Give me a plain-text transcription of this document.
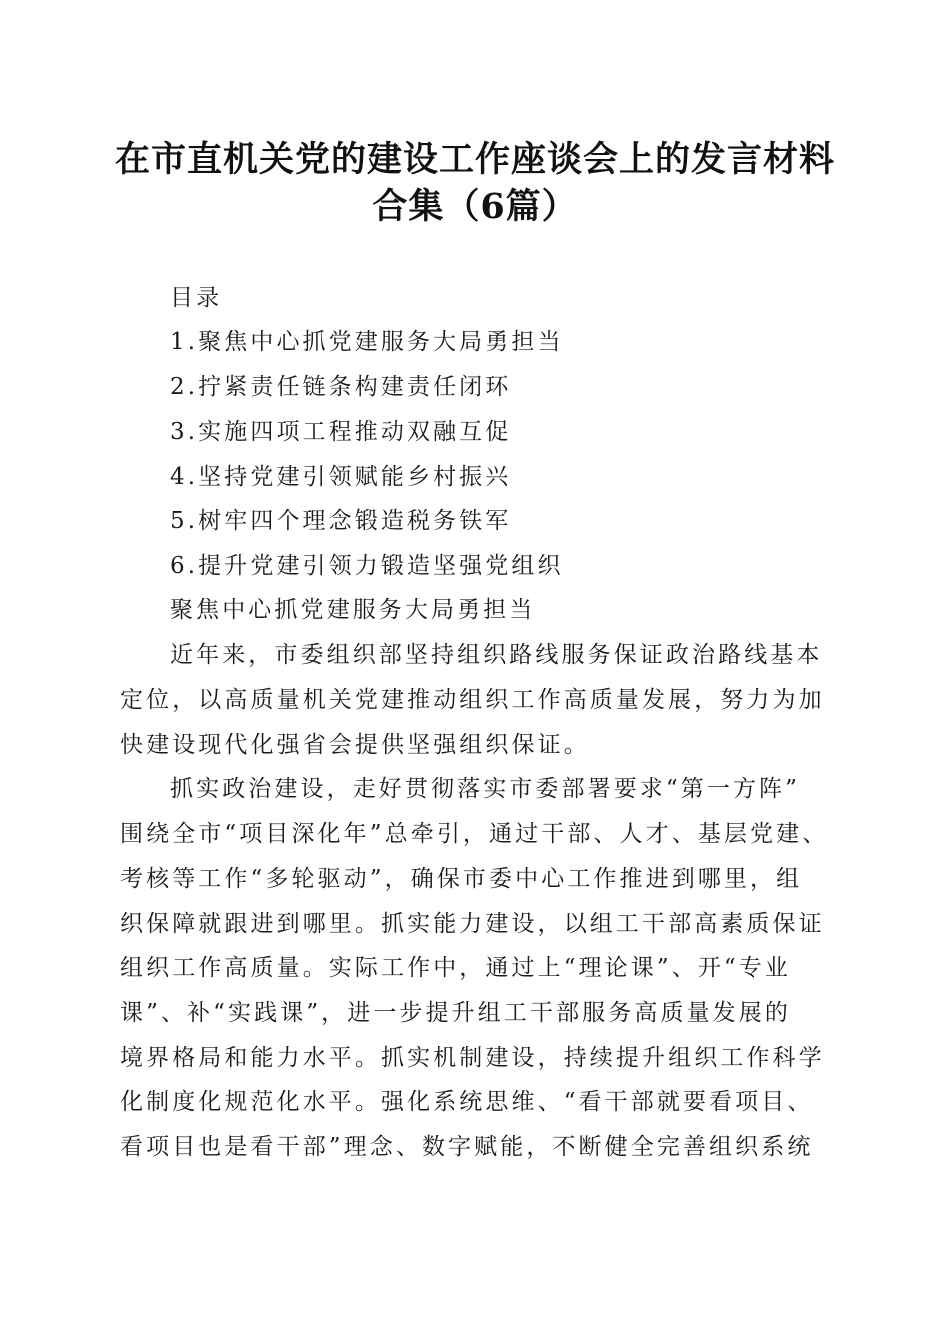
在市直机关党的建设工作座谈会上的发言材料
合集（6篇）
目录
1.聚焦中心抓党建服务大局勇担当
2.拧紧责任链条构建责任闭环
3.实施四项工程推动双融互促
4.坚持党建引领赋能乡村振兴
5.树牢四个理念锻造税务铁军
6.提升党建引领力锻造坚强党组织
聚焦中心抓党建服务大局勇担当
近年来，市委组织部坚持组织路线服务保证政治路线基本
定位，以高质量机关党建推动组织工作高质量发展，努力为加
快建设现代化强省会提供坚强组织保证。
抓实政治建设，走好贯彻落实市委部署要求“第一方阵”
围绕全市“项目深化年”总牵引，通过干部、人才、基层党建、
考核等工作“多轮驱动”，确保市委中心工作推进到哪里，组
织保障就跟进到哪里。抓实能力建设，以组工干部高素质保证
组织工作高质量。实际工作中，通过上“理论课”、开“专业
课”、补“实践课”，进一步提升组工干部服务高质量发展的
境界格局和能力水平。抓实机制建设，持续提升组织工作科学
化制度化规范化水平。强化系统思维、“看干部就要看项目、
看项目也是看干部”理念、数字赋能，不断健全完善组织系统
